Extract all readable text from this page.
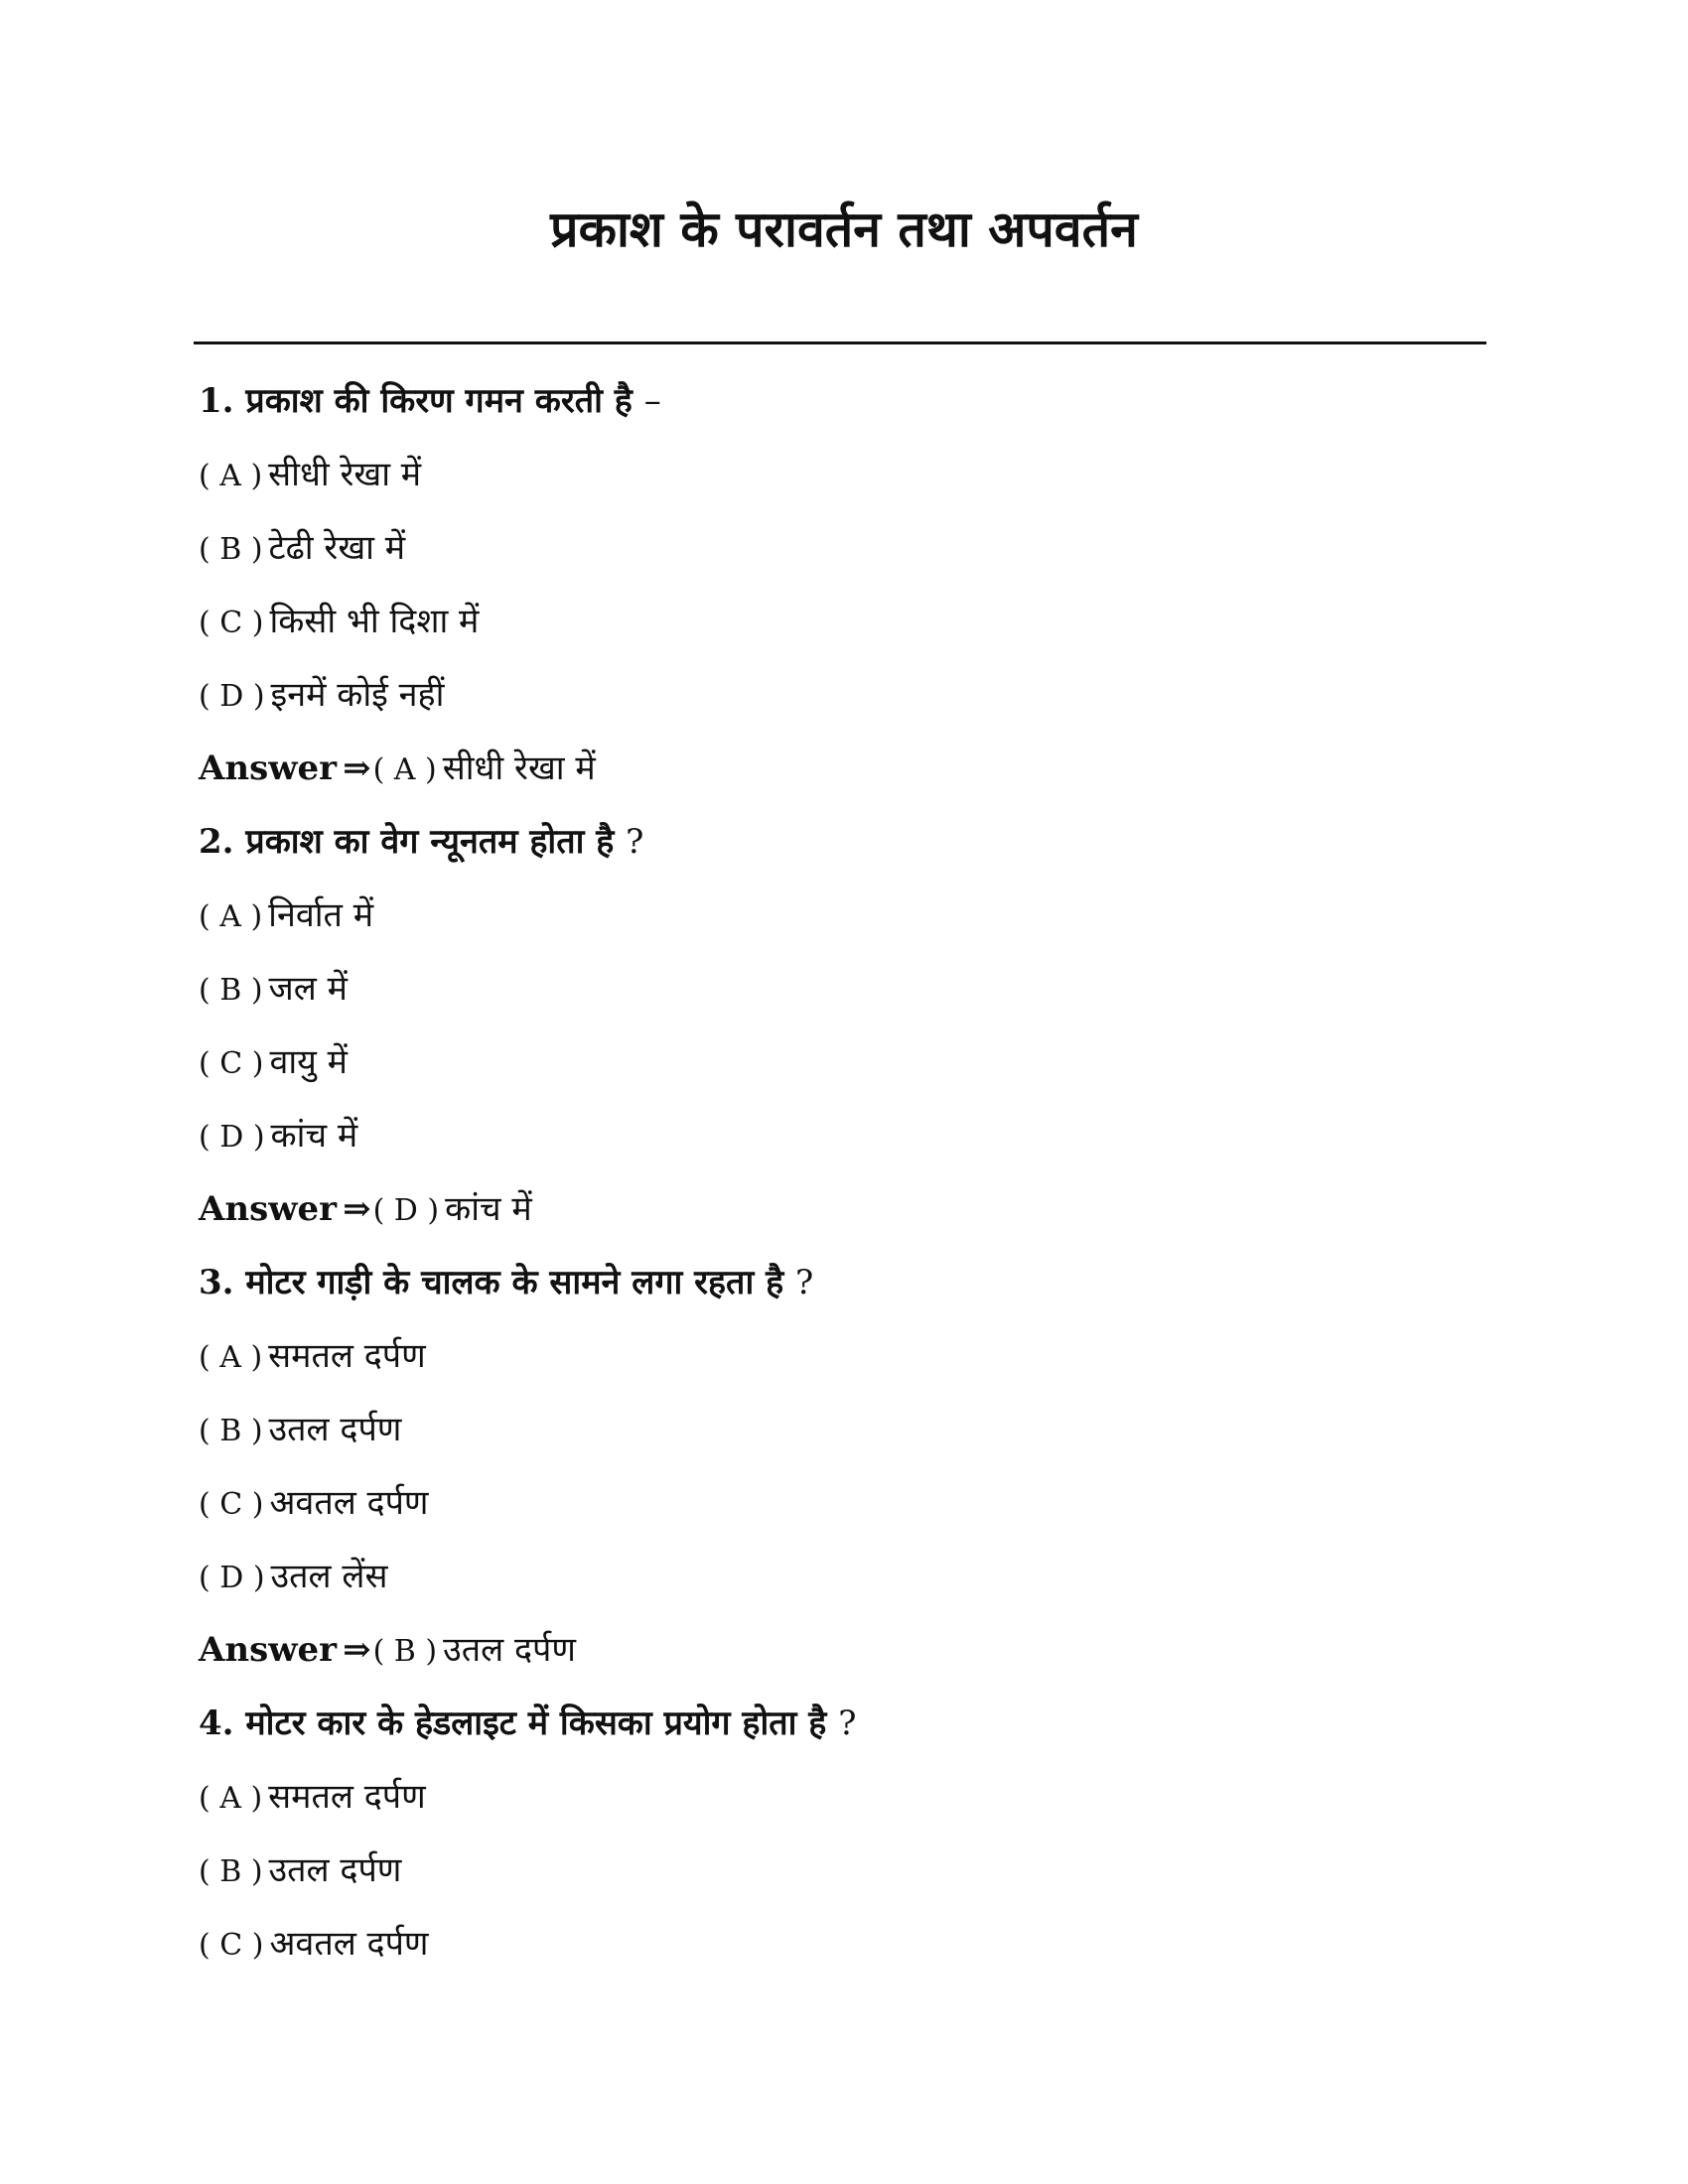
प्रकाश के परावर्तन तथा अपवर्तन
1. प्रकाश की किरण गमन करती है –
( A ) सीधी रेखा में
( B ) टेढी रेखा में
( C ) किसी भी दिशा में
( D ) इनमें कोई नहीं
Answer ⇒( A ) सीधी रेखा में
2. प्रकाश का वेग न्यूनतम होता है ?
( A ) निर्वात में
( B ) जल में
( C ) वायु में
( D ) कांच में
Answer ⇒( D ) कांच में
3. मोटर गाड़ी के चालक के सामने लगा रहता है ?
( A ) समतल दर्पण
( B ) उतल दर्पण
( C ) अवतल दर्पण
( D ) उतल लेंस
Answer ⇒( B ) उतल दर्पण
4. मोटर कार के हेडलाइट में किसका प्रयोग होता है ?
( A ) समतल दर्पण
( B ) उतल दर्पण
( C ) अवतल दर्पण
